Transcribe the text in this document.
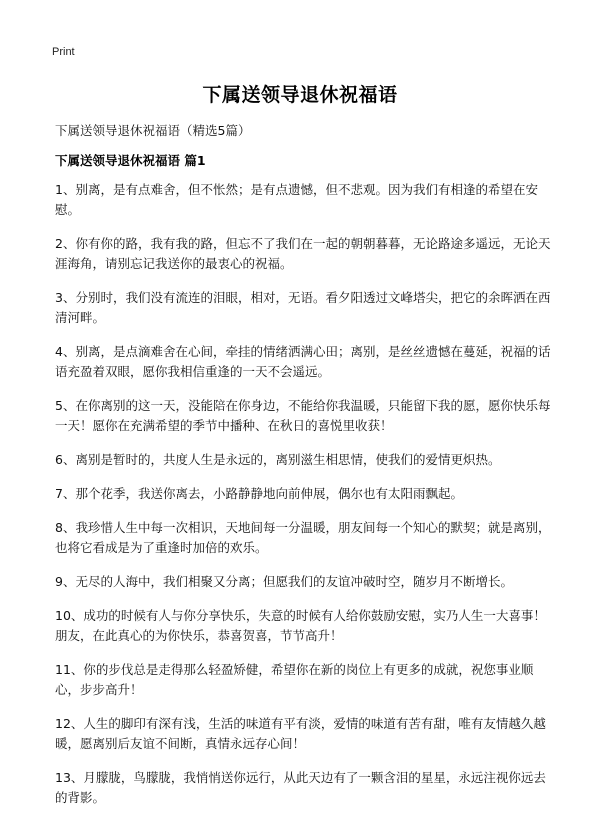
Print
下属送领导退休祝福语
下属送领导退休祝福语（精选5篇）
下属送领导退休祝福语 篇1

1、别离，是有点难舍，但不怅然；是有点遗憾，但不悲观。因为我们有相逢的希望在安慰。

2、你有你的路，我有我的路，但忘不了我们在一起的朝朝暮暮，无论路途多遥远，无论天涯海角，请别忘记我送你的最衷心的祝福。

3、分别时，我们没有流连的泪眼，相对，无语。看夕阳透过文峰塔尖，把它的余晖洒在西清河畔。

4、别离，是点滴难舍在心间，牵挂的情绪洒满心田；离别，是丝丝遗憾在蔓延，祝福的话语充盈着双眼，愿你我相信重逢的一天不会遥远。

5、在你离别的这一天，没能陪在你身边，不能给你我温暖，只能留下我的愿，愿你快乐每一天！愿你在充满希望的季节中播种、在秋日的喜悦里收获！

6、离别是暂时的，共度人生是永远的，离别滋生相思情，使我们的爱情更炽热。

7、那个花季，我送你离去，小路静静地向前伸展，偶尔也有太阳雨飘起。

8、我珍惜人生中每一次相识，天地间每一分温暖，朋友间每一个知心的默契；就是离别，也将它看成是为了重逢时加倍的欢乐。

9、无尽的人海中，我们相聚又分离；但愿我们的友谊冲破时空，随岁月不断增长。

10、成功的时候有人与你分享快乐，失意的时候有人给你鼓励安慰，实乃人生一大喜事！朋友，在此真心的为你快乐，恭喜贺喜，节节高升！

11、你的步伐总是走得那么轻盈矫健，希望你在新的岗位上有更多的成就，祝您事业顺心，步步高升！

12、人生的脚印有深有浅，生活的味道有平有淡，爱情的味道有苦有甜，唯有友情越久越暖，愿离别后友谊不间断，真情永远存心间！

13、月朦胧，鸟朦胧，我悄悄送你远行，从此天边有了一颗含泪的星星，永远注视你远去的背影。
